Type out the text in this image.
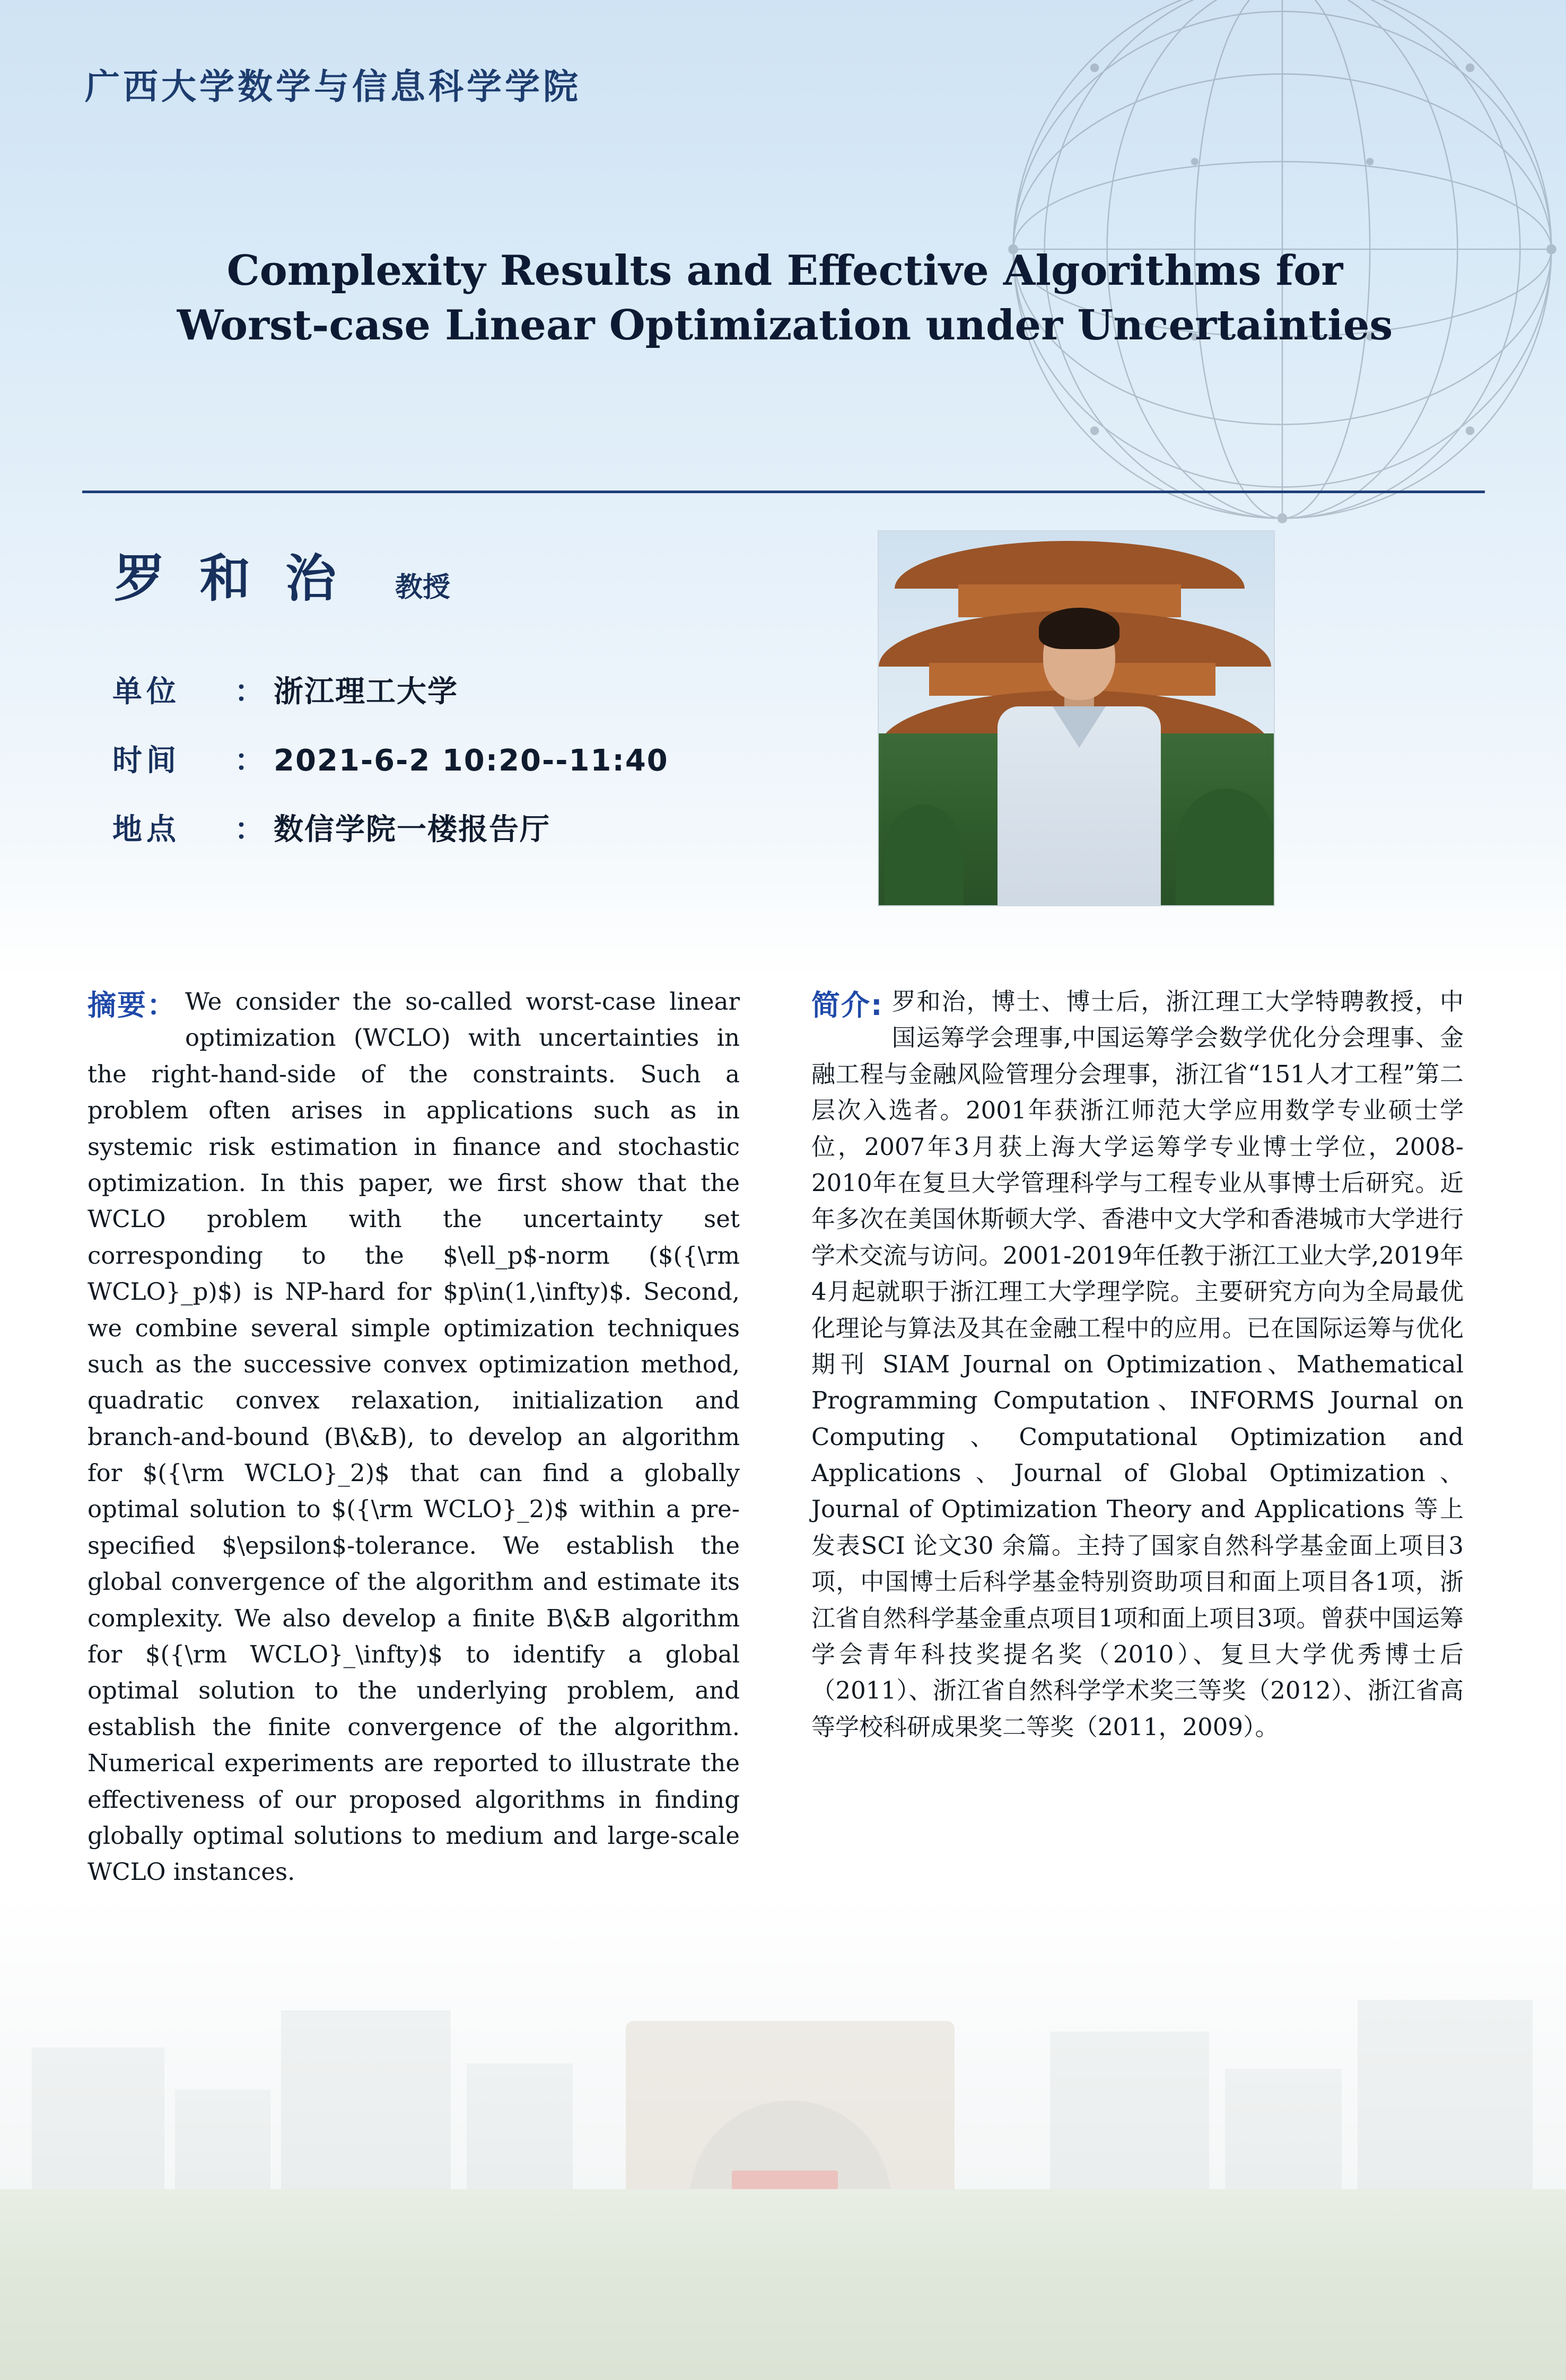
广西大学数学与信息科学学院
Complexity Results and Effective Algorithms for
Worst-case Linear Optimization under Uncertainties
罗 和 治 教授
单位 ： 浙江理工大学
时间 ： 2021-6-2 10:20--11:40
地点 ： 数信学院一楼报告厅

摘要： We consider the so-called worst-case linear optimization (WCLO) with uncertainties in the right-hand-side of the constraints. Such a problem often arises in applications such as in systemic risk estimation in finance and stochastic optimization. In this paper, we first show that the WCLO problem with the uncertainty set corresponding to the $\ell_p$-norm ($({\rm WCLO}_p)$) is NP-hard for $p\in(1,\infty)$. Second, we combine several simple optimization techniques such as the successive convex optimization method, quadratic convex relaxation, initialization and branch-and-bound (B\&B), to develop an algorithm for $({\rm WCLO}_2)$ that can find a globally optimal solution to $({\rm WCLO}_2)$ within a pre-specified $\epsilon$-tolerance. We establish the global convergence of the algorithm and estimate its complexity. We also develop a finite B\&B algorithm for $({\rm WCLO}_\infty)$ to identify a global optimal solution to the underlying problem, and establish the finite convergence of the algorithm. Numerical experiments are reported to illustrate the effectiveness of our proposed algorithms in finding globally optimal solutions to medium and large-scale WCLO instances.

简介: 罗和治，博士、博士后，浙江理工大学特聘教授，中国运筹学会理事,中国运筹学会数学优化分会理事、金融工程与金融风险管理分会理事，浙江省“151人才工程”第二层次入选者。2001年获浙江师范大学应用数学专业硕士学位，2007年3月获上海大学运筹学专业博士学位，2008-2010年在复旦大学管理科学与工程专业从事博士后研究。近年多次在美国休斯顿大学、香港中文大学和香港城市大学进行学术交流与访问。2001-2019年任教于浙江工业大学,2019年4月起就职于浙江理工大学理学院。主要研究方向为全局最优化理论与算法及其在金融工程中的应用。已在国际运筹与优化期刊 SIAM Journal on Optimization、Mathematical Programming Computation、INFORMS Journal on Computing、Computational Optimization and Applications、Journal of Global Optimization、Journal of Optimization Theory and Applications 等上发表SCI 论文30 余篇。主持了国家自然科学基金面上项目3项，中国博士后科学基金特别资助项目和面上项目各1项，浙江省自然科学基金重点项目1项和面上项目3项。曾获中国运筹学会青年科技奖提名奖（2010）、复旦大学优秀博士后（2011）、浙江省自然科学学术奖三等奖（2012）、浙江省高等学校科研成果奖二等奖（2011，2009）。
